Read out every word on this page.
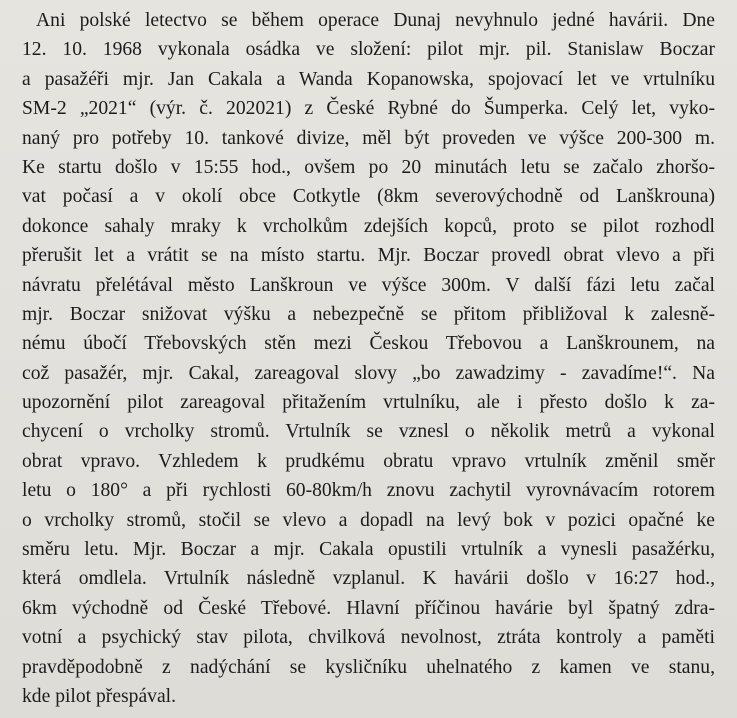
Ani polské letectvo se během operace Dunaj nevyhnulo jedné havárii. Dne
12. 10. 1968 vykonala osádka ve složení: pilot mjr. pil. Stanislaw Boczar
a pasažéři mjr. Jan Cakala a Wanda Kopanowska, spojovací let ve vrtulníku
SM-2 „2021“ (výr. č. 202021) z České Rybné do Šumperka. Celý let, vyko-
naný pro potřeby 10. tankové divize, měl být proveden ve výšce 200-300 m.
Ke startu došlo v 15:55 hod., ovšem po 20 minutách letu se začalo zhoršo-
vat počasí a v okolí obce Cotkytle (8km severovýchodně od Lanškrouna)
dokonce sahaly mraky k vrcholkům zdejších kopců, proto se pilot rozhodl
přerušit let a vrátit se na místo startu. Mjr. Boczar provedl obrat vlevo a při
návratu přelétával město Lanškroun ve výšce 300m. V další fázi letu začal
mjr. Boczar snižovat výšku a nebezpečně se přitom přibližoval k zalesně-
nému úbočí Třebovských stěn mezi Českou Třebovou a Lanškrounem, na
což pasažér, mjr. Cakal, zareagoval slovy „bo zawadzimy - zavadíme!“. Na
upozornění pilot zareagoval přitažením vrtulníku, ale i přesto došlo k za-
chycení o vrcholky stromů. Vrtulník se vznesl o několik metrů a vykonal
obrat vpravo. Vzhledem k prudkému obratu vpravo vrtulník změnil směr
letu o 180° a při rychlosti 60-80km/h znovu zachytil vyrovnávacím rotorem
o vrcholky stromů, stočil se vlevo a dopadl na levý bok v pozici opačné ke
směru letu. Mjr. Boczar a mjr. Cakala opustili vrtulník a vynesli pasažérku,
která omdlela. Vrtulník následně vzplanul. K havárii došlo v 16:27 hod.,
6km východně od České Třebové. Hlavní příčinou havárie byl špatný zdra-
votní a psychický stav pilota, chvilková nevolnost, ztráta kontroly a paměti
pravděpodobně z nadýchání se kysličníku uhelnatého z kamen ve stanu,
kde pilot přespával.
